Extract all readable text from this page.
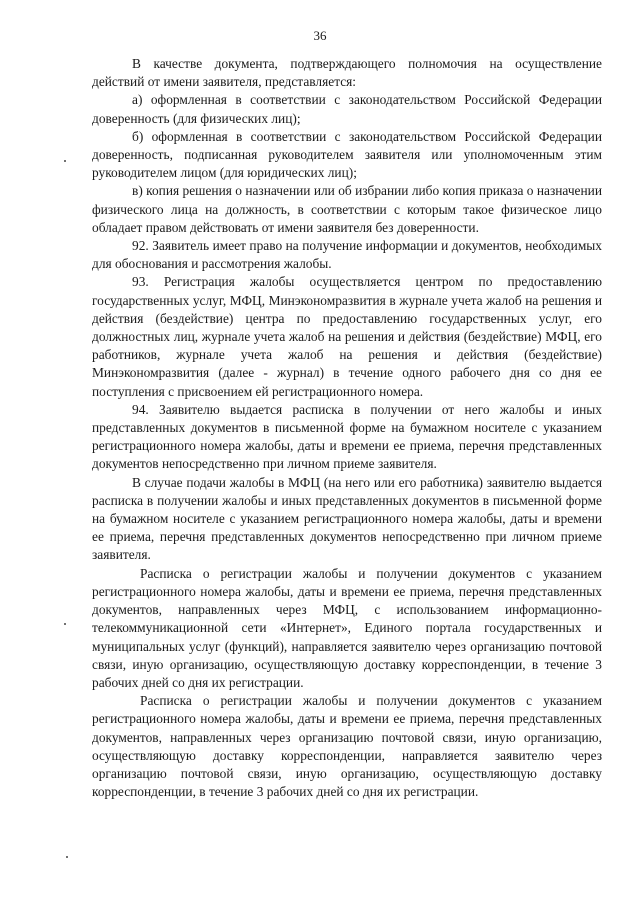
36

В качестве документа, подтверждающего полномочия на осуществление действий от имени заявителя, представляется:

а) оформленная в соответствии с законодательством Российской Федерации доверенность (для физических лиц);

б) оформленная в соответствии с законодательством Российской Федерации доверенность, подписанная руководителем заявителя или уполномоченным этим руководителем лицом (для юридических лиц);

в) копия решения о назначении или об избрании либо копия приказа о назначении физического лица на должность, в соответствии с которым такое физическое лицо обладает правом действовать от имени заявителя без доверенности.

92. Заявитель имеет право на получение информации и документов, необходимых для обоснования и рассмотрения жалобы.

93. Регистрация жалобы осуществляется центром по предоставлению государственных услуг, МФЦ, Минэкономразвития в журнале учета жалоб на решения и действия (бездействие) центра по предоставлению государственных услуг, его должностных лиц, журнале учета жалоб на решения и действия (бездействие) МФЦ, его работников, журнале учета жалоб на решения и действия (бездействие) Минэкономразвития (далее - журнал) в течение одного рабочего дня со дня ее поступления с присвоением ей регистрационного номера.

94. Заявителю выдается расписка в получении от него жалобы и иных представленных документов в письменной форме на бумажном носителе с указанием регистрационного номера жалобы, даты и времени ее приема, перечня представленных документов непосредственно при личном приеме заявителя.

В случае подачи жалобы в МФЦ (на него или его работника) заявителю выдается расписка в получении жалобы и иных представленных документов в письменной форме на бумажном носителе с указанием регистрационного номера жалобы, даты и времени ее приема, перечня представленных документов непосредственно при личном приеме заявителя.

Расписка о регистрации жалобы и получении документов с указанием регистрационного номера жалобы, даты и времени ее приема, перечня представленных документов, направленных через МФЦ, с использованием информационно-телекоммуникационной сети «Интернет», Единого портала государственных и муниципальных услуг (функций), направляется заявителю через организацию почтовой связи, иную организацию, осуществляющую доставку корреспонденции, в течение 3 рабочих дней со дня их регистрации.

Расписка о регистрации жалобы и получении документов с указанием регистрационного номера жалобы, даты и времени ее приема, перечня представленных документов, направленных через организацию почтовой связи, иную организацию, осуществляющую доставку корреспонденции, направляется заявителю через организацию почтовой связи, иную организацию, осуществляющую доставку корреспонденции, в течение 3 рабочих дней со дня их регистрации.
